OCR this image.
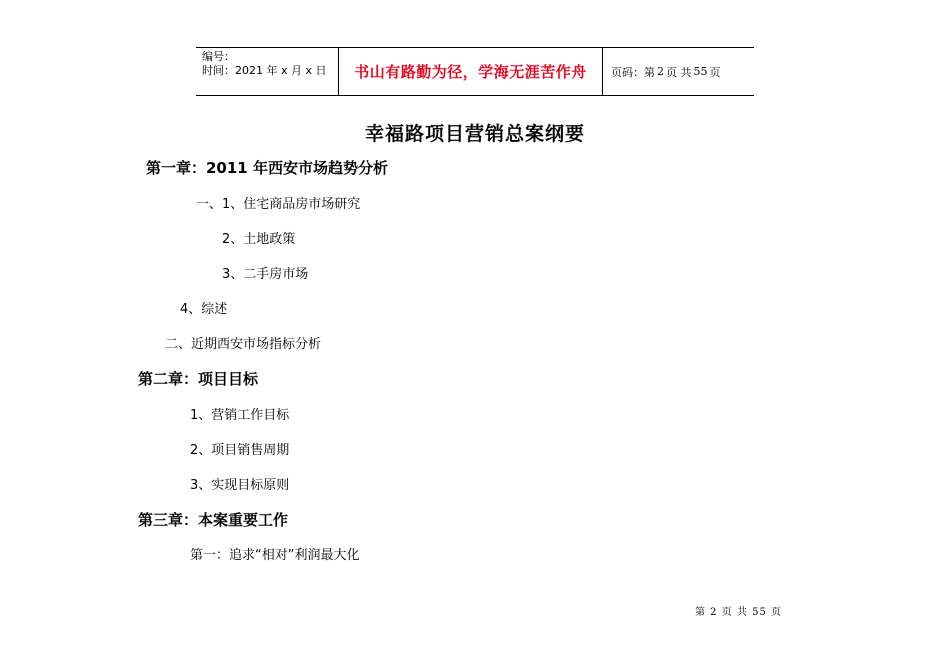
编号：
时间：2021 年 x 月 x 日	书山有路勤为径，学海无涯苦作舟 页码：第 2 页 共 55 页
幸福路项目营销总案纲要
第一章：2011 年西安市场趋势分析
一、1、住宅商品房市场研究
2、土地政策
3、二手房市场
4、综述
二、近期西安市场指标分析
第二章：项目目标
1、营销工作目标
2、项目销售周期
3、实现目标原则
第三章：本案重要工作
第一：追求“相对”利润最大化
第 2 页 共 55 页
